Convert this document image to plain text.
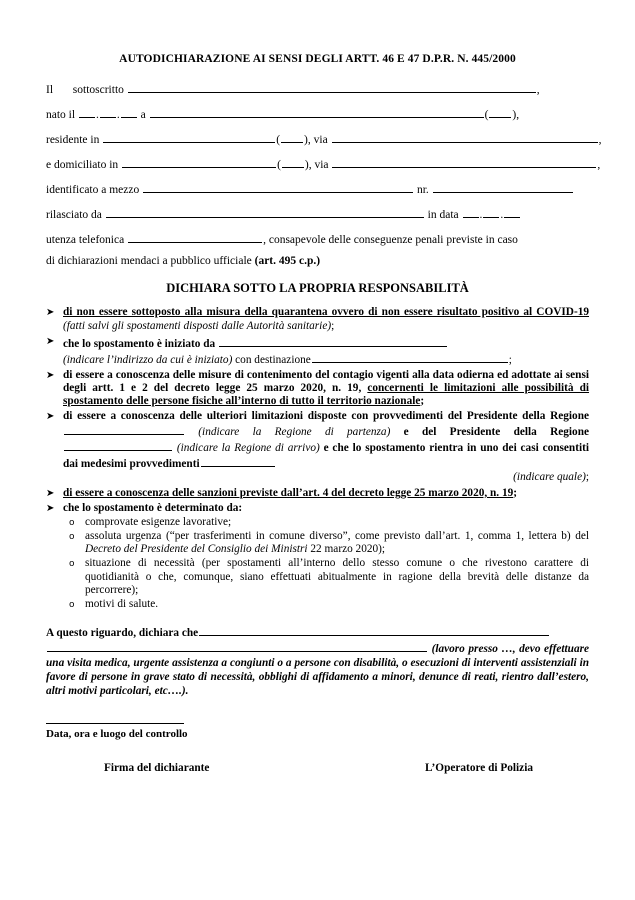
AUTODICHIARAZIONE AI SENSI DEGLI ARTT. 46 E 47 D.P.R. N. 445/2000
Il sottoscritto	,
nato il . . a	( ),
residente in	( ), via	,
e domiciliato in	( ), via	,
identificato a mezzo	nr.
rilasciato da	in data . .
utenza telefonica	, consapevole delle conseguenze penali previste in caso
di dichiarazioni mendaci a pubblico ufficiale (art. 495 c.p.)
DICHIARA SOTTO LA PROPRIA RESPONSABILITÀ
➤ di non essere sottoposto alla misura della quarantena ovvero di non essere risultato positivo al COVID-19 (fatti salvi gli spostamenti disposti dalle Autorità sanitarie);
➤ che lo spostamento è iniziato da
(indicare l’indirizzo da cui è iniziato) con destinazione	;
➤ di essere a conoscenza delle misure di contenimento del contagio vigenti alla data odierna ed adottate ai sensi degli artt. 1 e 2 del decreto legge 25 marzo 2020, n. 19, concernenti le limitazioni alle possibilità di spostamento delle persone fisiche all’interno di tutto il territorio nazionale;
➤ di essere a conoscenza delle ulteriori limitazioni disposte con provvedimenti del Presidente della Regione (indicare la Regione di partenza) e del Presidente della Regione (indicare la Regione di arrivo) e che lo spostamento rientra in uno dei casi consentiti dai medesimi provvedimenti
(indicare quale);
➤ di essere a conoscenza delle sanzioni previste dall’art. 4 del decreto legge 25 marzo 2020, n. 19;
➤ che lo spostamento è determinato da:
o comprovate esigenze lavorative;
o assoluta urgenza (“per trasferimenti in comune diverso”, come previsto dall’art. 1, comma 1, lettera b) del Decreto del Presidente del Consiglio dei Ministri 22 marzo 2020);
o situazione di necessità (per spostamenti all’interno dello stesso comune o che rivestono carattere di quotidianità o che, comunque, siano effettuati abitualmente in ragione della brevità delle distanze da percorrere);
o motivi di salute.
A questo riguardo, dichiara che
(lavoro presso …, devo effettuare una visita medica, urgente assistenza a congiunti o a persone con disabilità, o esecuzioni di interventi assistenziali in favore di persone in grave stato di necessità, obblighi di affidamento a minori, denunce di reati, rientro dall’estero, altri motivi particolari, etc….).
Data, ora e luogo del controllo
Firma del dichiarante	L’Operatore di Polizia
